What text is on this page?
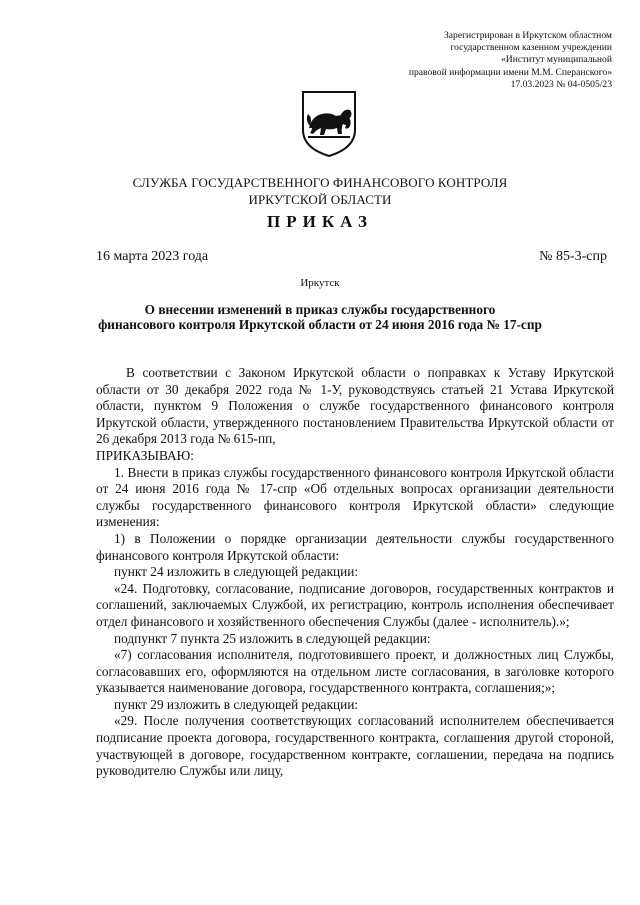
Зарегистрирован в Иркутском областном
государственном казенном учреждении
«Институт муниципальной
правовой информации имени М.М. Сперанского»
17.03.2023 № 04-0505/23
СЛУЖБА ГОСУДАРСТВЕННОГО ФИНАНСОВОГО КОНТРОЛЯ
ИРКУТСКОЙ ОБЛАСТИ
ПРИКАЗ
16 марта 2023 года	№ 85-3-спр
Иркутск
О внесении изменений в приказ службы государственного
финансового контроля Иркутской области от 24 июня 2016 года № 17-спр

В соответствии с Законом Иркутской области о поправках к Уставу Иркутской области от 30 декабря 2022 года № 1-У, руководствуясь статьей 21 Устава Иркутской области, пунктом 9 Положения о службе государственного финансового контроля Иркутской области, утвержденного постановлением Правительства Иркутской области от 26 декабря 2013 года № 615-пп,

ПРИКАЗЫВАЮ:

1. Внести в приказ службы государственного финансового контроля Иркутской области от 24 июня 2016 года № 17-спр «Об отдельных вопросах организации деятельности службы государственного финансового контроля Иркутской области» следующие изменения:

1) в Положении о порядке организации деятельности службы государственного финансового контроля Иркутской области:

пункт 24 изложить в следующей редакции:

«24. Подготовку, согласование, подписание договоров, государственных контрактов и соглашений, заключаемых Службой, их регистрацию, контроль исполнения обеспечивает отдел финансового и хозяйственного обеспечения Службы (далее - исполнитель).»;

подпункт 7 пункта 25 изложить в следующей редакции:

«7) согласования исполнителя, подготовившего проект, и должностных лиц Службы, согласовавших его, оформляются на отдельном листе согласования, в заголовке которого указывается наименование договора, государственного контракта, соглашения;»;

пункт 29 изложить в следующей редакции:

«29. После получения соответствующих согласований исполнителем обеспечивается подписание проекта договора, государственного контракта, соглашения другой стороной, участвующей в договоре, государственном контракте, соглашении, передача на подпись руководителю Службы или лицу,
